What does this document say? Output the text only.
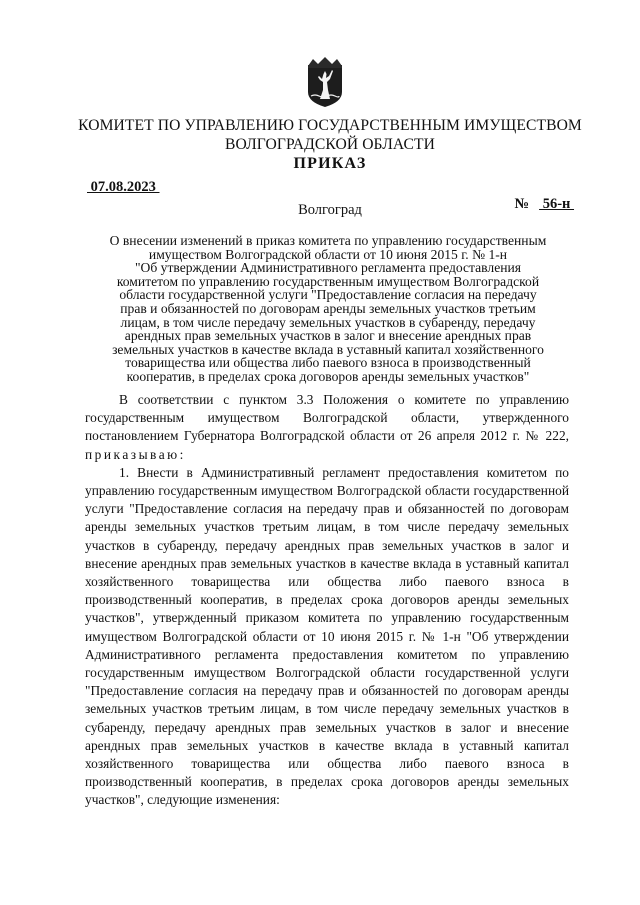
КОМИТЕТ ПО УПРАВЛЕНИЮ ГОСУДАРСТВЕННЫМ ИМУЩЕСТВОМ
ВОЛГОГРАДСКОЙ ОБЛАСТИ
ПРИКАЗ
07.08.2023

№ 56-н

Волгоград
О внесении изменений в приказ комитета по управлению государственным
имуществом Волгоградской области от 10 июня 2015 г. № 1-н
"Об утверждении Административного регламента предоставления
комитетом по управлению государственным имуществом Волгоградской
области государственной услуги "Предоставление согласия на передачу
прав и обязанностей по договорам аренды земельных участков третьим
лицам, в том числе передачу земельных участков в субаренду, передачу
арендных прав земельных участков в залог и внесение арендных прав
земельных участков в качестве вклада в уставный капитал хозяйственного
товарищества или общества либо паевого взноса в производственный
кооператив, в пределах срока договоров аренды земельных участков"

В соответствии с пунктом 3.3 Положения о комитете по управлению государственным имуществом Волгоградской области, утвержденного постановлением Губернатора Волгоградской области от 26 апреля 2012 г. № 222, приказываю:

1. Внести в Административный регламент предоставления комитетом по управлению государственным имуществом Волгоградской области государственной услуги "Предоставление согласия на передачу прав и обязанностей по договорам аренды земельных участков третьим лицам, в том числе передачу земельных участков в субаренду, передачу арендных прав земельных участков в залог и внесение арендных прав земельных участков в качестве вклада в уставный капитал хозяйственного товарищества или общества либо паевого взноса в производственный кооператив, в пределах срока договоров аренды земельных участков", утвержденный приказом комитета по управлению государственным имуществом Волгоградской области от 10 июня 2015 г. № 1-н "Об утверждении Административного регламента предоставления комитетом по управлению государственным имуществом Волгоградской области государственной услуги "Предоставление согласия на передачу прав и обязанностей по договорам аренды земельных участков третьим лицам, в том числе передачу земельных участков в субаренду, передачу арендных прав земельных участков в залог и внесение арендных прав земельных участков в качестве вклада в уставный капитал хозяйственного товарищества или общества либо паевого взноса в производственный кооператив, в пределах срока договоров аренды земельных участков", следующие изменения:
